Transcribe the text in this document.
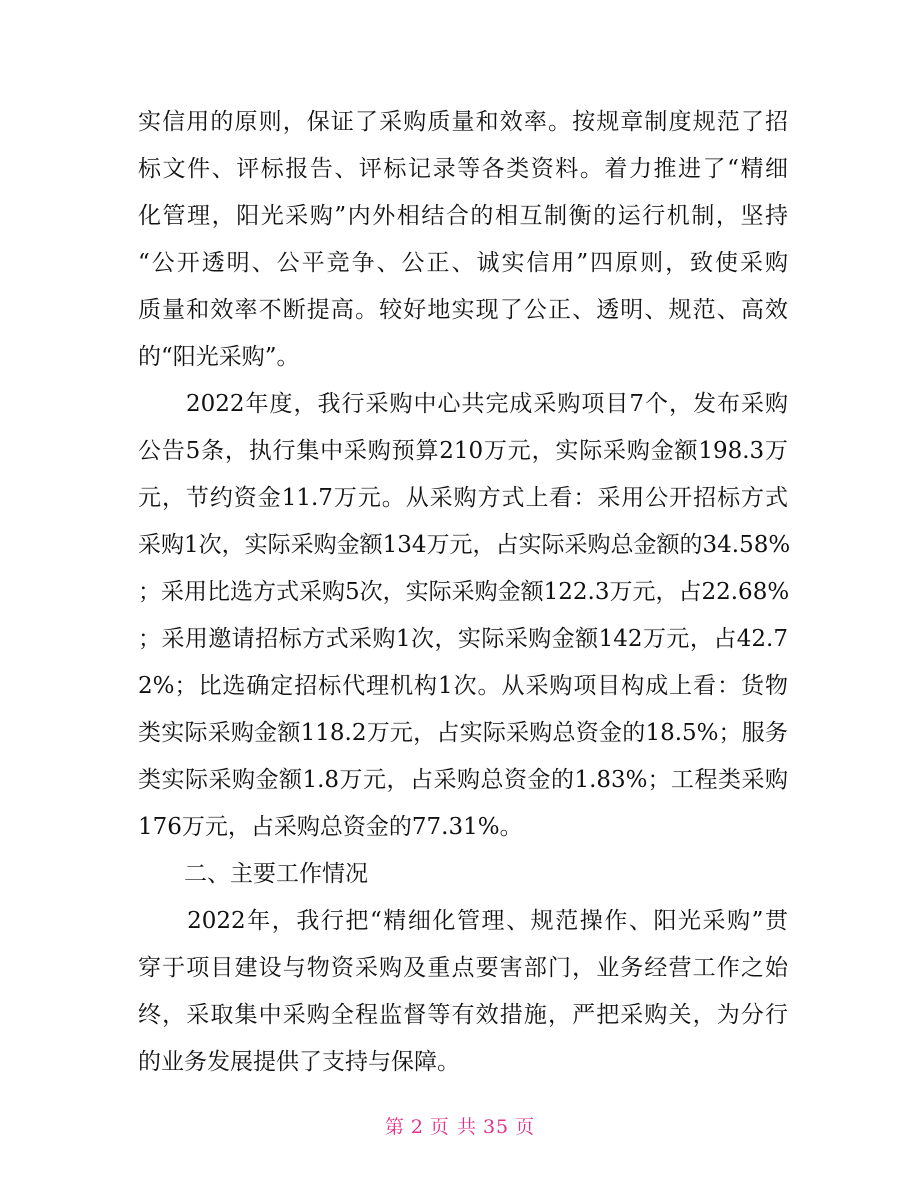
实信用的原则，保证了采购质量和效率。按规章制度规范了招
标文件、评标报告、评标记录等各类资料。着力推进了“精细
化管理，阳光采购”内外相结合的相互制衡的运行机制，坚持
“公开透明、公平竞争、公正、诚实信用”四原则，致使采购
质量和效率不断提高。较好地实现了公正、透明、规范、高效
的“阳光采购”。
　　2022年度，我行采购中心共完成采购项目7个，发布采购
公告5条，执行集中采购预算210万元，实际采购金额198.3万
元，节约资金11.7万元。从采购方式上看：采用公开招标方式
采购1次，实际采购金额134万元，占实际采购总金额的34.58%
；采用比选方式采购5次，实际采购金额122.3万元，占22.68%
；采用邀请招标方式采购1次，实际采购金额142万元，占42.7
2%；比选确定招标代理机构1次。从采购项目构成上看：货物
类实际采购金额118.2万元，占实际采购总资金的18.5%；服务
类实际采购金额1.8万元，占采购总资金的1.83%；工程类采购
176万元，占采购总资金的77.31%。
　　二、主要工作情况
　　2022年，我行把“精细化管理、规范操作、阳光采购”贯
穿于项目建设与物资采购及重点要害部门，业务经营工作之始
终，采取集中采购全程监督等有效措施，严把采购关，为分行
的业务发展提供了支持与保障。
第 2 页 共 35 页
